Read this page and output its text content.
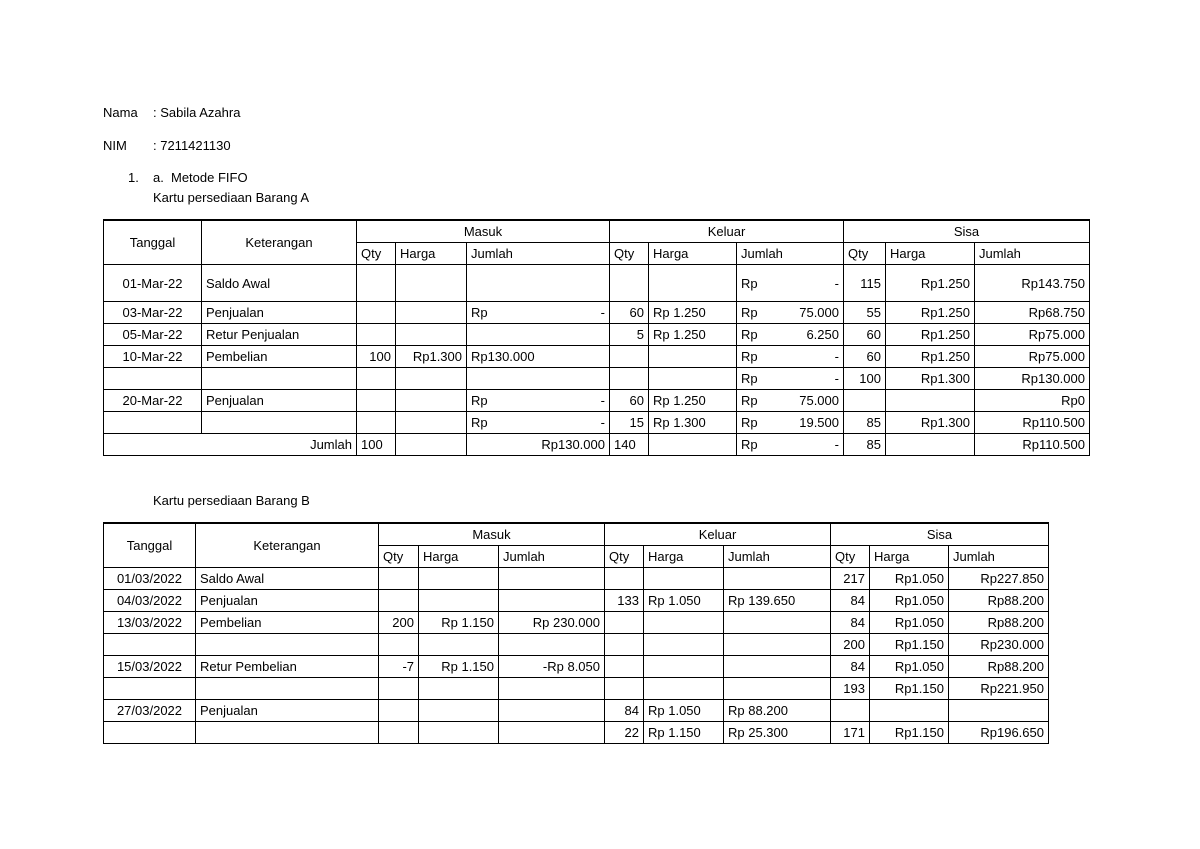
Nama : Sabila Azahra
NIM : 7211421130
1. a. Metode FIFO
Kartu persediaan Barang A
Kartu persediaan Barang B
Tanggal	Keterangan	Masuk			Keluar			Sisa		
		Qty	Harga	Jumlah	Qty	Harga	Jumlah	Qty	Harga	Jumlah
01-Mar-22	Saldo Awal						Rp -	115	Rp1.250	Rp143.750
03-Mar-22	Penjualan			Rp -	60	Rp 1.250	Rp 75.000	55	Rp1.250	Rp68.750
05-Mar-22	Retur Penjualan				5	Rp 1.250	Rp 6.250	60	Rp1.250	Rp75.000
10-Mar-22	Pembelian	100	Rp1.300	Rp130.000			Rp -	60	Rp1.250	Rp75.000

							Rp -	100	Rp1.300	Rp130.000
20-Mar-22	Penjualan			Rp -	60	Rp 1.250	Rp 75.000			Rp0

				Rp -	15	Rp 1.300	Rp 19.500	85	Rp1.300	Rp110.500
Jumlah		100		Rp130.000	140		Rp -	85		Rp110.500
Tanggal	Keterangan	Masuk			Keluar			Sisa		
		Qty	Harga	Jumlah	Qty	Harga	Jumlah	Qty	Harga	Jumlah
01/03/2022	Saldo Awal							217	Rp1.050	Rp227.850
04/03/2022	Penjualan				133	Rp 1.050	Rp 139.650	84	Rp1.050	Rp88.200
13/03/2022	Pembelian	200	Rp 1.150	Rp 230.000				84	Rp1.050	Rp88.200
								200	Rp1.150	Rp230.000
15/03/2022	Retur Pembelian	-7	Rp 1.150	-Rp 8.050				84	Rp1.050	Rp88.200
								193	Rp1.150	Rp221.950
27/03/2022	Penjualan				84	Rp 1.050	Rp 88.200			
					22	Rp 1.150	Rp 25.300	171	Rp1.150	Rp196.650
